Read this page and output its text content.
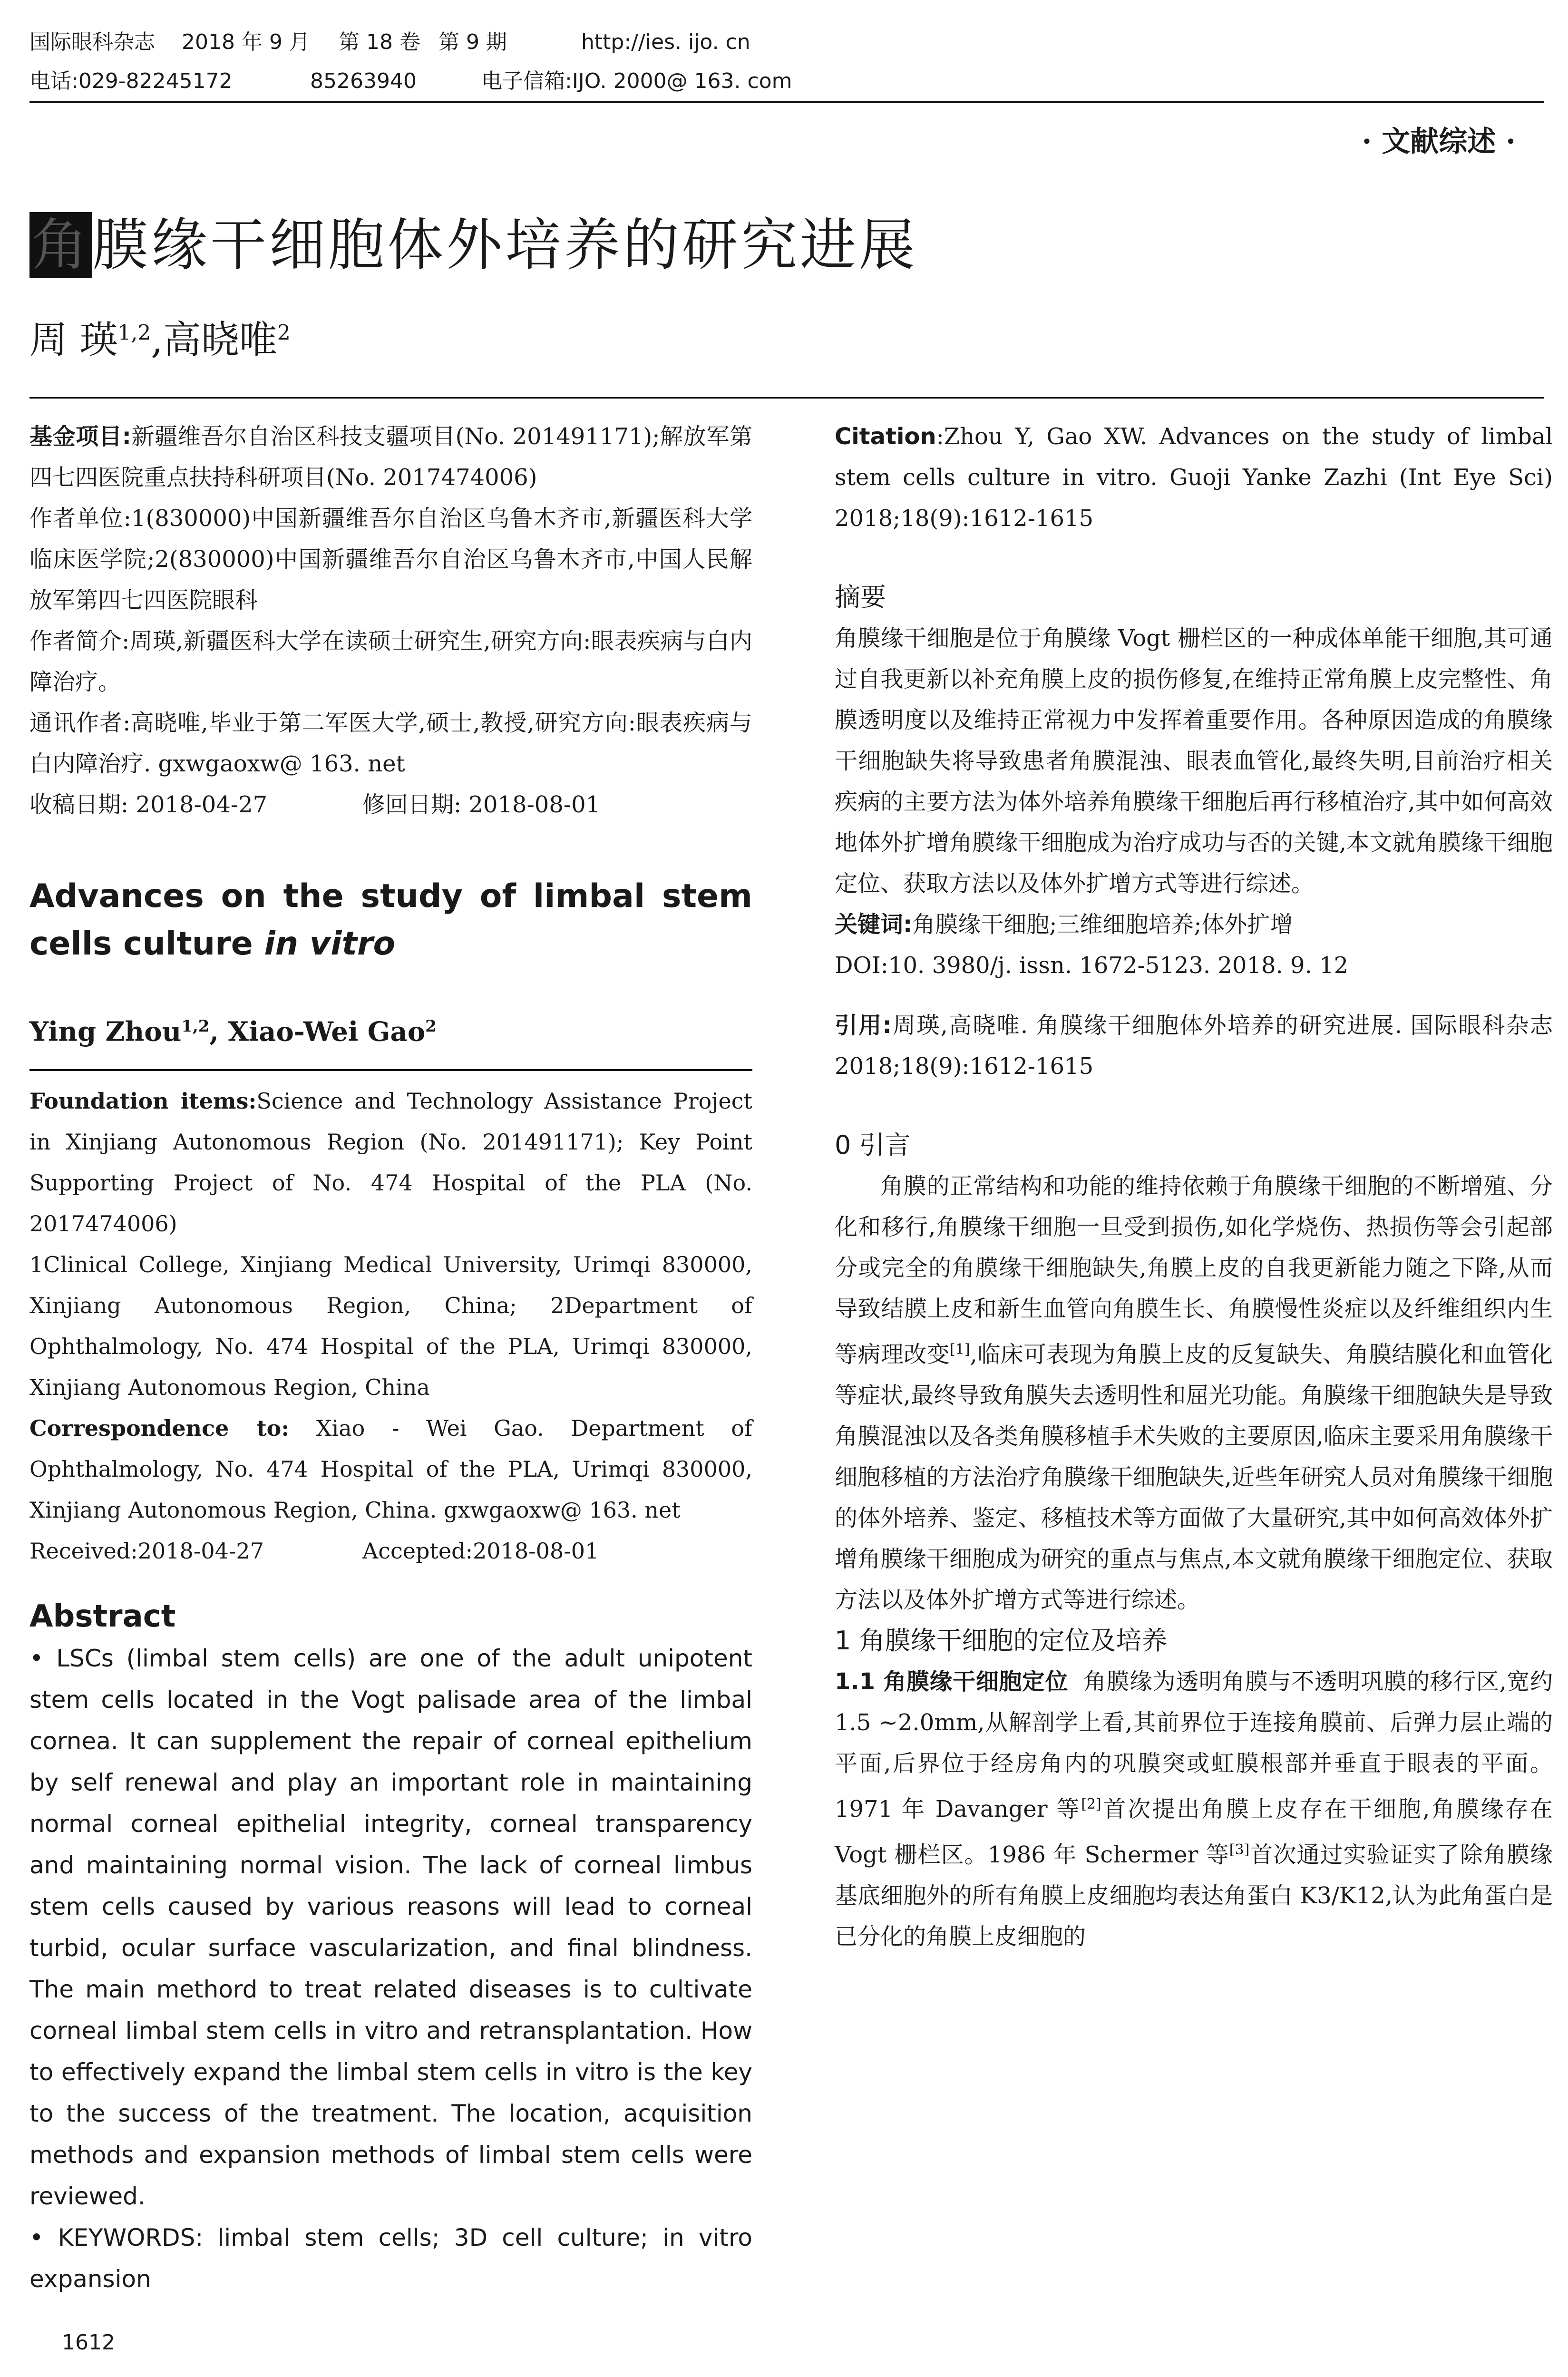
国际眼科杂志 2018 年 9 月 第 18 卷 第 9 期	http://ies. ijo. cn
电话:029-82245172	85263940	电子信箱:IJO. 2000@ 163. com
· 文献综述 ·
角膜缘干细胞体外培养的研究进展
周 瑛$^{1,2}$,高晓唯$^2$
基金项目:新疆维吾尔自治区科技支疆项目(No. 201491171);解放军第四七四医院重点扶持科研项目(No. 2017474006)
作者单位:1(830000)中国新疆维吾尔自治区乌鲁木齐市,新疆医科大学临床医学院;2(830000)中国新疆维吾尔自治区乌鲁木齐市,中国人民解放军第四七四医院眼科
作者简介:周瑛,新疆医科大学在读硕士研究生,研究方向:眼表疾病与白内障治疗。
通讯作者:高晓唯,毕业于第二军医大学,硕士,教授,研究方向:眼表疾病与白内障治疗. gxwgaoxw@ 163. net
收稿日期: 2018-04-27	修回日期: 2018-08-01
Advances on the study of limbal stem cells culture in vitro
Ying Zhou$^{1,2}$, Xiao-Wei Gao$^2$
Foundation items:Science and Technology Assistance Project in Xinjiang Autonomous Region (No. 201491171); Key Point Supporting Project of No. 474 Hospital of the PLA (No. 2017474006)
1Clinical College, Xinjiang Medical University, Urimqi 830000, Xinjiang Autonomous Region, China; 2Department of Ophthalmology, No. 474 Hospital of the PLA, Urimqi 830000, Xinjiang Autonomous Region, China
Correspondence to: Xiao - Wei Gao. Department of Ophthalmology, No. 474 Hospital of the PLA, Urimqi 830000, Xinjiang Autonomous Region, China. gxwgaoxw@ 163. net
Received:2018-04-27	Accepted:2018-08-01
Abstract
• LSCs (limbal stem cells) are one of the adult unipotent stem cells located in the Vogt palisade area of the limbal cornea. It can supplement the repair of corneal epithelium by self renewal and play an important role in maintaining normal corneal epithelial integrity, corneal transparency and maintaining normal vision. The lack of corneal limbus stem cells caused by various reasons will lead to corneal turbid, ocular surface vascularization, and final blindness. The main methord to treat related diseases is to cultivate corneal limbal stem cells in vitro and retransplantation. How to effectively expand the limbal stem cells in vitro is the key to the success of the treatment. The location, acquisition methods and expansion methods of limbal stem cells were reviewed.
• KEYWORDS: limbal stem cells; 3D cell culture; in vitro expansion
Citation:Zhou Y, Gao XW. Advances on the study of limbal stem cells culture in vitro. Guoji Yanke Zazhi (Int Eye Sci) 2018;18(9):1612-1615
摘要
角膜缘干细胞是位于角膜缘 Vogt 栅栏区的一种成体单能干细胞,其可通过自我更新以补充角膜上皮的损伤修复,在维持正常角膜上皮完整性、角膜透明度以及维持正常视力中发挥着重要作用。各种原因造成的角膜缘干细胞缺失将导致患者角膜混浊、眼表血管化,最终失明,目前治疗相关疾病的主要方法为体外培养角膜缘干细胞后再行移植治疗,其中如何高效地体外扩增角膜缘干细胞成为治疗成功与否的关键,本文就角膜缘干细胞定位、获取方法以及体外扩增方式等进行综述。
关键词:角膜缘干细胞;三维细胞培养;体外扩增
DOI:10. 3980/j. issn. 1672-5123. 2018. 9. 12
引用:周瑛,高晓唯. 角膜缘干细胞体外培养的研究进展. 国际眼科杂志 2018;18(9):1612-1615
0 引言
角膜的正常结构和功能的维持依赖于角膜缘干细胞的不断增殖、分化和移行,角膜缘干细胞一旦受到损伤,如化学烧伤、热损伤等会引起部分或完全的角膜缘干细胞缺失,角膜上皮的自我更新能力随之下降,从而导致结膜上皮和新生血管向角膜生长、角膜慢性炎症以及纤维组织内生等病理改变[1],临床可表现为角膜上皮的反复缺失、角膜结膜化和血管化等症状,最终导致角膜失去透明性和屈光功能。角膜缘干细胞缺失是导致角膜混浊以及各类角膜移植手术失败的主要原因,临床主要采用角膜缘干细胞移植的方法治疗角膜缘干细胞缺失,近些年研究人员对角膜缘干细胞的体外培养、鉴定、移植技术等方面做了大量研究,其中如何高效体外扩增角膜缘干细胞成为研究的重点与焦点,本文就角膜缘干细胞定位、获取方法以及体外扩增方式等进行综述。
1 角膜缘干细胞的定位及培养
1.1 角膜缘干细胞定位 角膜缘为透明角膜与不透明巩膜的移行区,宽约 1.5 ~2.0mm,从解剖学上看,其前界位于连接角膜前、后弹力层止端的平面,后界位于经房角内的巩膜突或虹膜根部并垂直于眼表的平面。1971 年 Davanger 等[2]首次提出角膜上皮存在干细胞,角膜缘存在 Vogt 栅栏区。1986 年 Schermer 等[3]首次通过实验证实了除角膜缘基底细胞外的所有角膜上皮细胞均表达角蛋白 K3/K12,认为此角蛋白是已分化的角膜上皮细胞的
1612
